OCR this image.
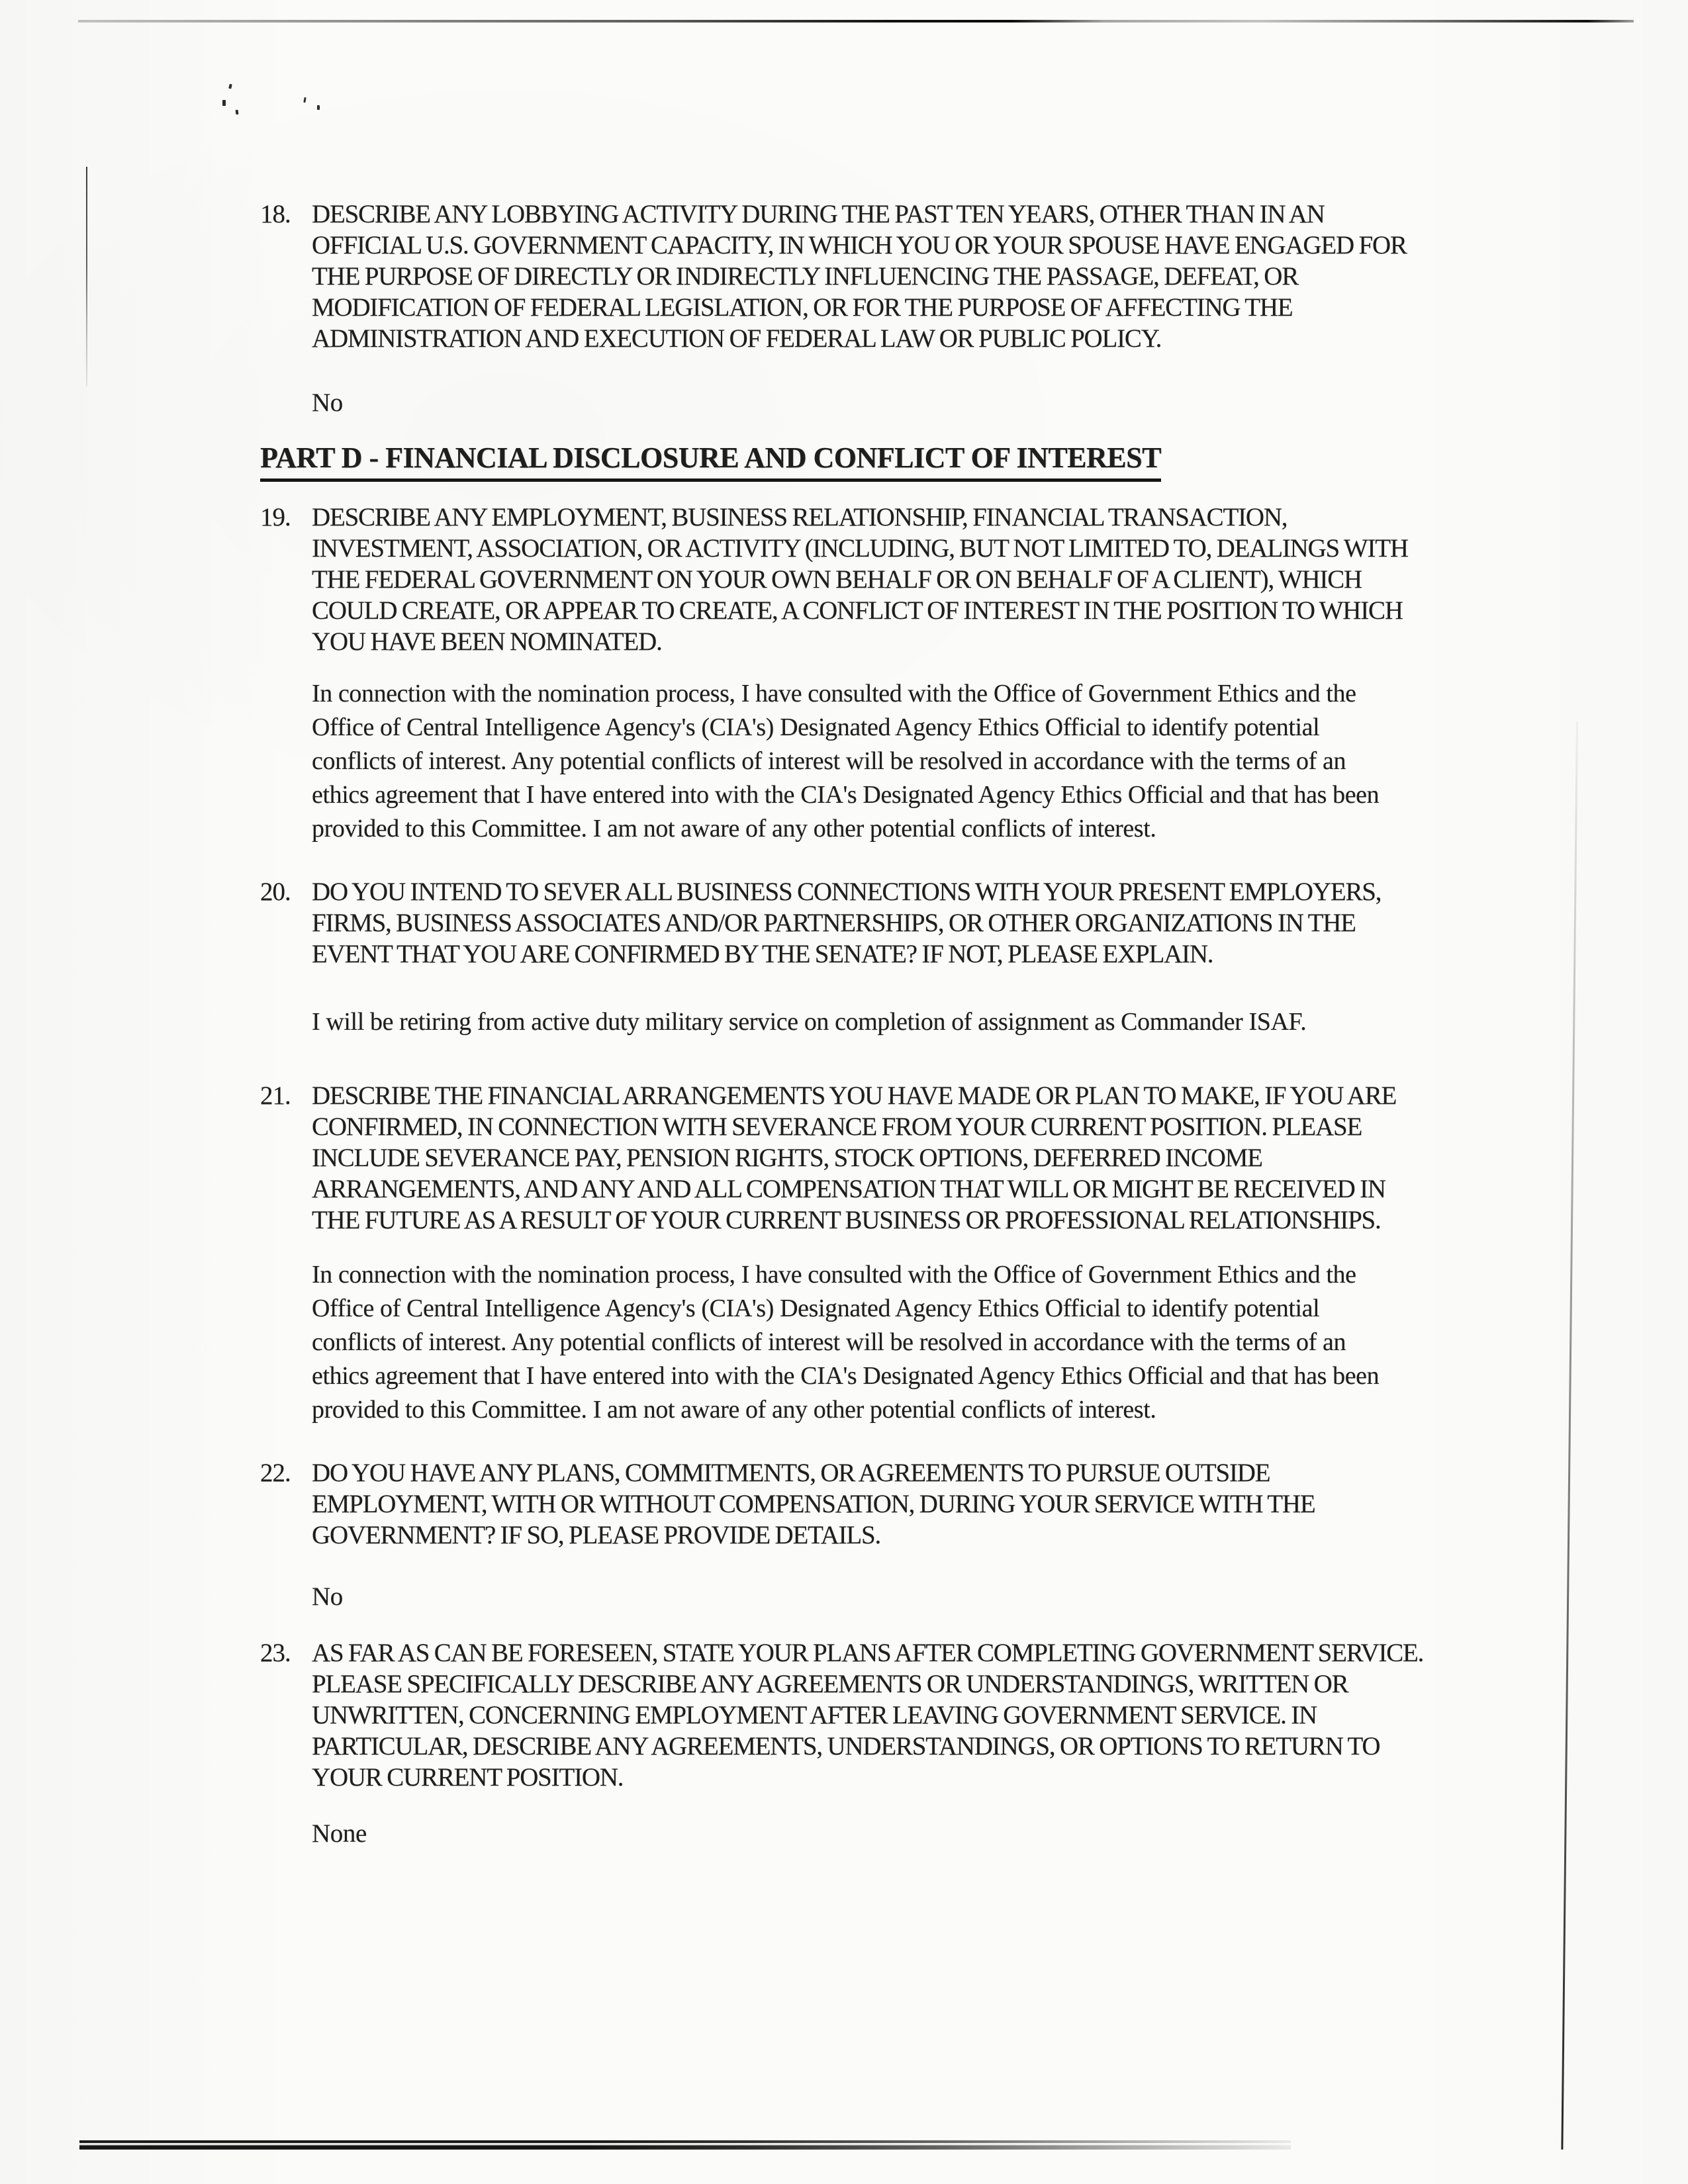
18. DESCRIBE ANY LOBBYING ACTIVITY DURING THE PAST TEN YEARS, OTHER THAN IN AN OFFICIAL U.S. GOVERNMENT CAPACITY, IN WHICH YOU OR YOUR SPOUSE HAVE ENGAGED FOR THE PURPOSE OF DIRECTLY OR INDIRECTLY INFLUENCING THE PASSAGE, DEFEAT, OR MODIFICATION OF FEDERAL LEGISLATION, OR FOR THE PURPOSE OF AFFECTING THE ADMINISTRATION AND EXECUTION OF FEDERAL LAW OR PUBLIC POLICY.

No

PART D - FINANCIAL DISCLOSURE AND CONFLICT OF INTEREST
19. DESCRIBE ANY EMPLOYMENT, BUSINESS RELATIONSHIP, FINANCIAL TRANSACTION, INVESTMENT, ASSOCIATION, OR ACTIVITY (INCLUDING, BUT NOT LIMITED TO, DEALINGS WITH THE FEDERAL GOVERNMENT ON YOUR OWN BEHALF OR ON BEHALF OF A CLIENT), WHICH COULD CREATE, OR APPEAR TO CREATE, A CONFLICT OF INTEREST IN THE POSITION TO WHICH YOU HAVE BEEN NOMINATED.

In connection with the nomination process, I have consulted with the Office of Government Ethics and the Office of Central Intelligence Agency's (CIA's) Designated Agency Ethics Official to identify potential conflicts of interest. Any potential conflicts of interest will be resolved in accordance with the terms of an ethics agreement that I have entered into with the CIA's Designated Agency Ethics Official and that has been provided to this Committee. I am not aware of any other potential conflicts of interest.

20. DO YOU INTEND TO SEVER ALL BUSINESS CONNECTIONS WITH YOUR PRESENT EMPLOYERS, FIRMS, BUSINESS ASSOCIATES AND/OR PARTNERSHIPS, OR OTHER ORGANIZATIONS IN THE EVENT THAT YOU ARE CONFIRMED BY THE SENATE? IF NOT, PLEASE EXPLAIN.

I will be retiring from active duty military service on completion of assignment as Commander ISAF.

21. DESCRIBE THE FINANCIAL ARRANGEMENTS YOU HAVE MADE OR PLAN TO MAKE, IF YOU ARE CONFIRMED, IN CONNECTION WITH SEVERANCE FROM YOUR CURRENT POSITION. PLEASE INCLUDE SEVERANCE PAY, PENSION RIGHTS, STOCK OPTIONS, DEFERRED INCOME ARRANGEMENTS, AND ANY AND ALL COMPENSATION THAT WILL OR MIGHT BE RECEIVED IN THE FUTURE AS A RESULT OF YOUR CURRENT BUSINESS OR PROFESSIONAL RELATIONSHIPS.

In connection with the nomination process, I have consulted with the Office of Government Ethics and the Office of Central Intelligence Agency's (CIA's) Designated Agency Ethics Official to identify potential conflicts of interest. Any potential conflicts of interest will be resolved in accordance with the terms of an ethics agreement that I have entered into with the CIA's Designated Agency Ethics Official and that has been provided to this Committee. I am not aware of any other potential conflicts of interest.

22. DO YOU HAVE ANY PLANS, COMMITMENTS, OR AGREEMENTS TO PURSUE OUTSIDE EMPLOYMENT, WITH OR WITHOUT COMPENSATION, DURING YOUR SERVICE WITH THE GOVERNMENT? IF SO, PLEASE PROVIDE DETAILS.

No

23. AS FAR AS CAN BE FORESEEN, STATE YOUR PLANS AFTER COMPLETING GOVERNMENT SERVICE. PLEASE SPECIFICALLY DESCRIBE ANY AGREEMENTS OR UNDERSTANDINGS, WRITTEN OR UNWRITTEN, CONCERNING EMPLOYMENT AFTER LEAVING GOVERNMENT SERVICE. IN PARTICULAR, DESCRIBE ANY AGREEMENTS, UNDERSTANDINGS, OR OPTIONS TO RETURN TO YOUR CURRENT POSITION.

None
